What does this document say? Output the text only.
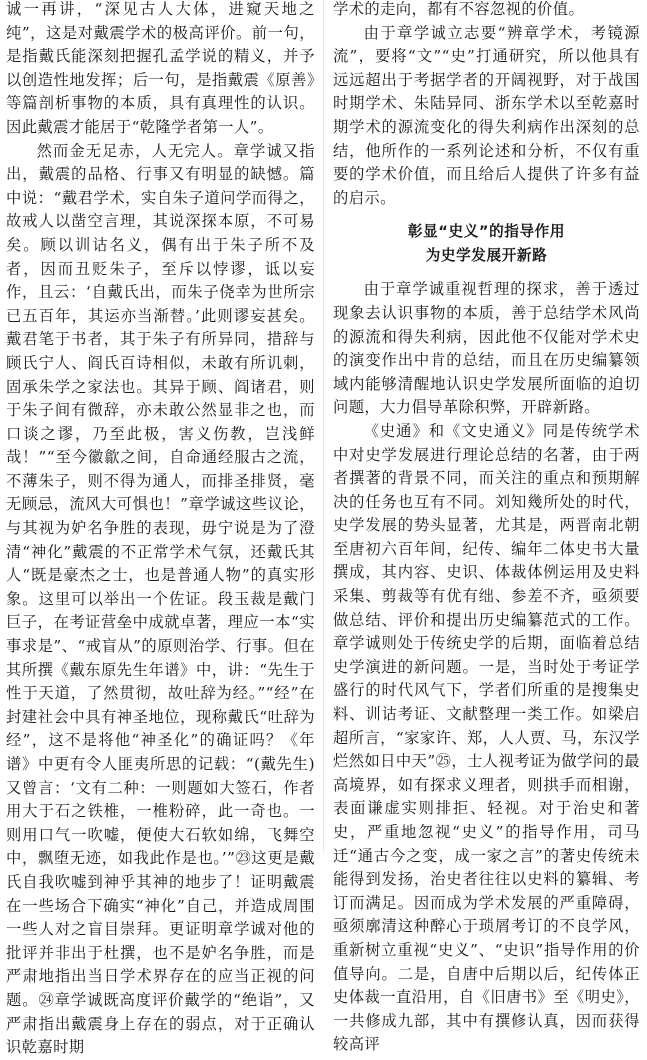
诚一再讲，“深见古人大体，进窥天地之纯”，这是对戴震学术的极高评价。前一句，是指戴氏能深刻把握孔孟学说的精义，并予以创造性地发挥；后一句，是指戴震《原善》等篇剖析事物的本质，具有真理性的认识。因此戴震才能居于“乾隆学者第一人”。

然而金无足赤，人无完人。章学诚又指出，戴震的品格、行事又有明显的缺憾。篇中说：“戴君学术，实自朱子道问学而得之，故戒人以凿空言理，其说深探本原，不可易矣。顾以训诂名义，偶有出于朱子所不及者，因而丑贬朱子，至斥以悖谬，诋以妄作，且云：‘自戴氏出，而朱子侥幸为世所宗已五百年，其运亦当渐替。’此则谬妄甚矣。戴君笔于书者，其于朱子有所异同，措辞与顾氏宁人、阎氏百诗相似，未敢有所讥刺，固承朱学之家法也。其异于顾、阎诸君，则于朱子间有微辞，亦未敢公然显非之也，而口谈之谬，乃至此极，害义伤教，岂浅鲜哉！”“至今徽歙之间，自命通经服古之流，不薄朱子，则不得为通人，而排圣排贤，毫无顾忌，流风大可惧也！”章学诚这些议论，与其视为妒名争胜的表现，毋宁说是为了澄清“神化”戴震的不正常学术气氛，还戴氏其人“既是豪杰之士，也是普通人物”的真实形象。这里可以举出一个佐证。段玉裁是戴门巨子，在考证营垒中成就卓著，理应一本“实事求是”、“戒盲从”的原则治学、行事。但在其所撰《戴东原先生年谱》中，讲：“先生于性于天道，了然贯彻，故吐辞为经。”“经”在封建社会中具有神圣地位，现称戴氏“吐辞为经”，这不是将他“神圣化”的确证吗？《年谱》中更有令人匪夷所思的记载：“(戴先生)又曾言：‘文有二种：一则题如大签石，作者用大于石之铁椎，一椎粉碎，此一奇也。一则用口气一吹嘘，便使大石软如绵，飞舞空中，飘堕无迹，如我此作是也。’”㉓这更是戴氏自我吹嘘到神乎其神的地步了！证明戴震在一些场合下确实“神化”自己，并造成周围一些人对之盲目崇拜。更证明章学诚对他的批评并非出于杜撰，也不是妒名争胜，而是严肃地指出当日学术界存在的应当正视的问题。㉔章学诚既高度评价戴学的“绝诣”，又严肃指出戴震身上存在的弱点，对于正确认识乾嘉时期

学术的走向，都有不容忽视的价值。

由于章学诚立志要“辨章学术，考镜源流”，要将“文”“史”打通研究，所以他具有远远超出于考据学者的开阔视野，对于战国时期学术、朱陆异同、浙东学术以至乾嘉时期学术的源流变化的得失利病作出深刻的总结，他所作的一系列论述和分析，不仅有重要的学术价值，而且给后人提供了许多有益的启示。

彰显“史义”的指导作用
为史学发展开新路

由于章学诚重视哲理的探求，善于透过现象去认识事物的本质，善于总结学术风尚的源流和得失利病，因此他不仅能对学术史的演变作出中肯的总结，而且在历史编纂领域内能够清醒地认识史学发展所面临的迫切问题，大力倡导革除积弊，开辟新路。

《史通》和《文史通义》同是传统学术中对史学发展进行理论总结的名著，由于两者撰著的背景不同，而关注的重点和预期解决的任务也互有不同。刘知幾所处的时代，史学发展的势头显著，尤其是，两晋南北朝至唐初六百年间，纪传、编年二体史书大量撰成，其内容、史识、体裁体例运用及史料采集、剪裁等有优有绌、参差不齐，亟须要做总结、评价和提出历史编纂范式的工作。章学诚则处于传统史学的后期，面临着总结史学演进的新问题。一是，当时处于考证学盛行的时代风气下，学者们所重的是搜集史料、训诂考证、文献整理一类工作。如梁启超所言，“家家许、郑，人人贾、马，东汉学烂然如日中天”㉕，士人视考证为做学问的最高境界，如有探求义理者，则拱手而相谢，表面谦虚实则排拒、轻视。对于治史和著史，严重地忽视“史义”的指导作用，司马迁“通古今之变，成一家之言”的著史传统未能得到发扬，治史者往往以史料的纂辑、考订而满足。因而成为学术发展的严重障碍，亟须廓清这种醉心于琐屑考订的不良学风，重新树立重视“史义”、“史识”指导作用的价值导向。二是，自唐中后期以后，纪传体正史体裁一直沿用，自《旧唐书》至《明史》，一共修成九部，其中有撰修认真，因而获得较高评
